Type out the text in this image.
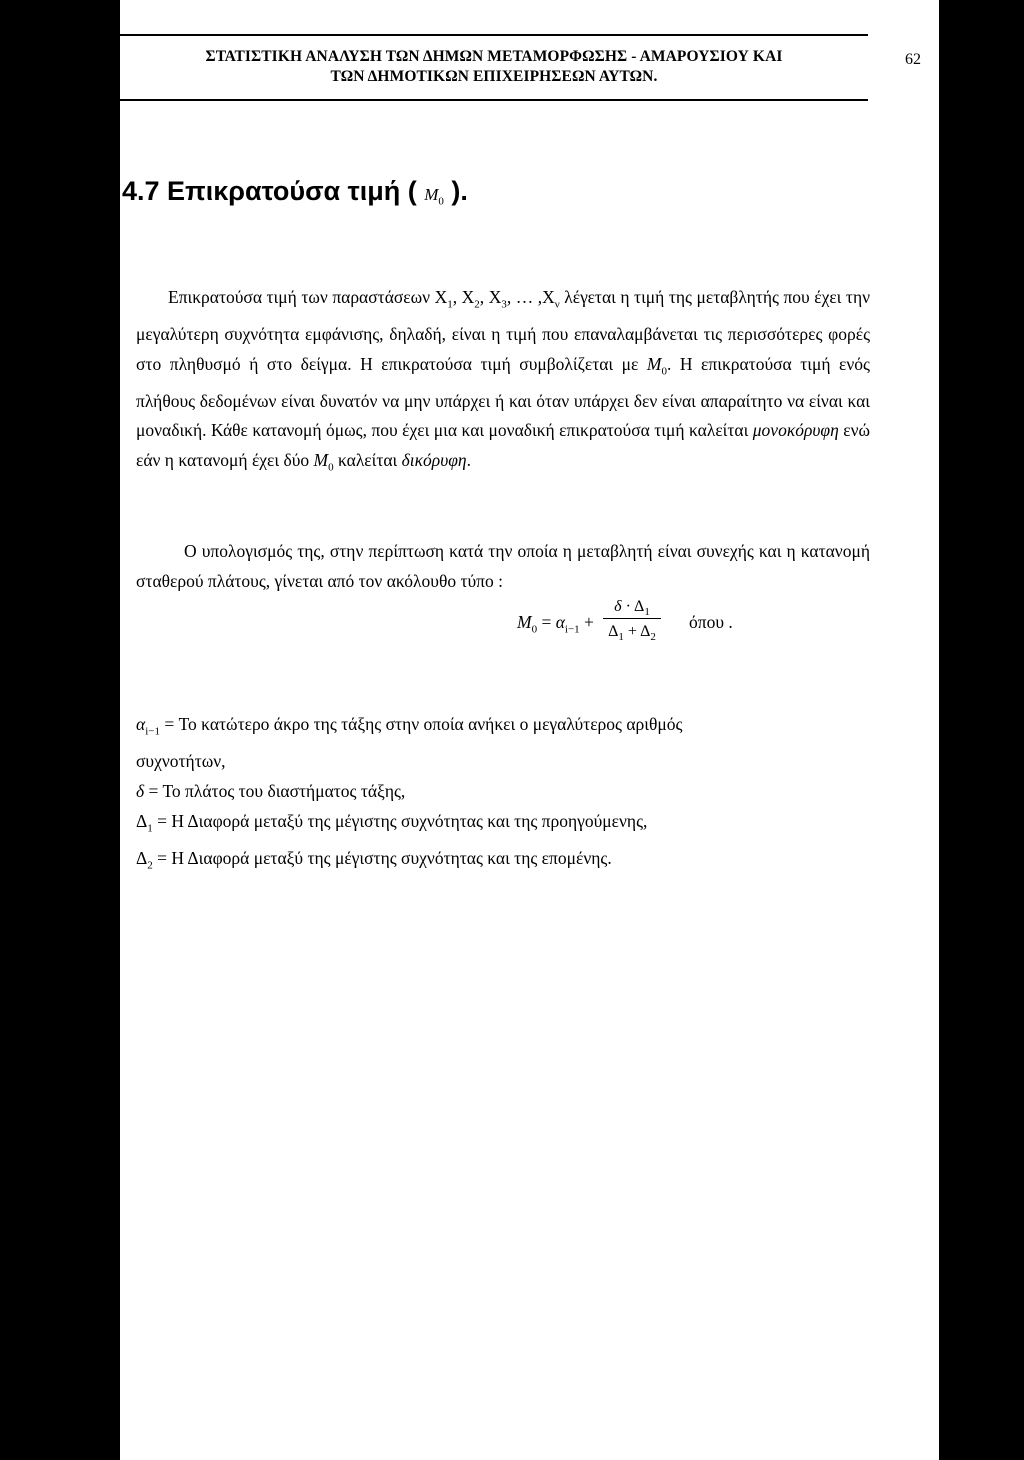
ΣΤΑΤΙΣΤΙΚΗ ΑΝΑΛΥΣΗ ΤΩΝ ΔΗΜΩΝ ΜΕΤΑΜΟΡΦΩΣΗΣ - ΑΜΑΡΟΥΣΙΟΥ ΚΑΙ
ΤΩΝ ΔΗΜΟΤΙΚΩΝ ΕΠΙΧΕΙΡΗΣΕΩΝ ΑΥΤΩΝ.
62
4.7 Επικρατούσα τιμή ( $M_0$ ).
Επικρατούσα τιμή των παραστάσεων $X_1$, $X_2$, $X_3$, … $,X_\nu$ λέγεται η τιμή της μεταβλητής που έχει την μεγαλύτερη συχνότητα εμφάνισης, δηλαδή, είναι η τιμή που επαναλαμβάνεται τις περισσότερες φορές στο πληθυσμό ή στο δείγμα. Η επικρατούσα τιμή συμβολίζεται με $M_0$. Η επικρατούσα τιμή ενός πλήθους δεδομένων είναι δυνατόν να μην υπάρχει ή και όταν υπάρχει δεν είναι απαραίτητο να είναι και μοναδική. Κάθε κατανομή όμως, που έχει μια και μοναδική επικρατούσα τιμή καλείται μονοκόρυφη ενώ εάν η κατανομή έχει δύο $M_0$ καλείται δικόρυφη.
Ο υπολογισμός της, στην περίπτωση κατά την οποία η μεταβλητή είναι συνεχής και η κατανομή σταθερού πλάτους, γίνεται από τον ακόλουθο τύπο :
$M_0 = \alpha_{i-1}$ +
$\delta \cdot \Delta_1$
$\Delta_1 + \Delta_2$
όπου .
$\alpha_{i-1} = To$ κατώτερο άκρο της τάξης στην οποία ανήκει ο μεγαλύτερος αριθμός
συχνοτήτων,
δ = Το πλάτος του διαστήματος τάξης,
$\Delta_1 = H$ Διαφορά μεταξύ της μέγιστης συχνότητας και της προηγούμενης,
$\Delta_2 = H$ Διαφορά μεταξύ της μέγιστης συχνότητας και της επομένης.
